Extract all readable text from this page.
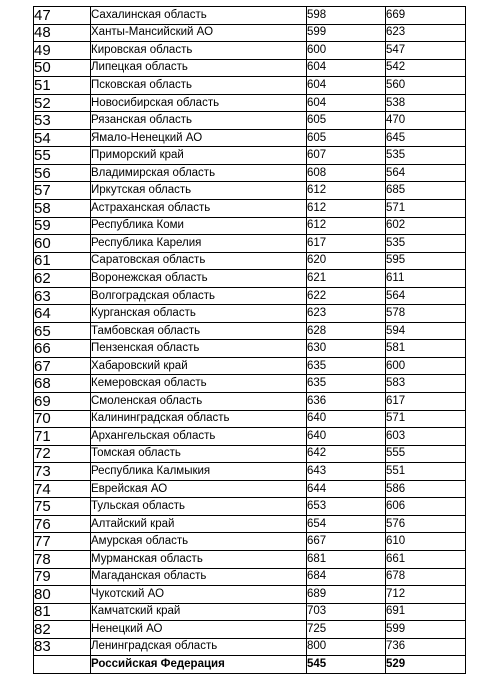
47	Сахалинская область	598	669
48	Ханты-Мансийский АО	599	623
49	Кировская область	600	547
50	Липецкая область	604	542
51	Псковская область	604	560
52	Новосибирская область	604	538
53	Рязанская область	605	470
54	Ямало-Ненецкий АО	605	645
55	Приморский край	607	535
56	Владимирская область	608	564
57	Иркутская область	612	685
58	Астраханская область	612	571
59	Республика Коми	612	602
60	Республика Карелия	617	535
61	Саратовская область	620	595
62	Воронежская область	621	611
63	Волгоградская область	622	564
64	Курганская область	623	578
65	Тамбовская область	628	594
66	Пензенская область	630	581
67	Хабаровский край	635	600
68	Кемеровская область	635	583
69	Смоленская область	636	617
70	Калининградская область	640	571
71	Архангельская область	640	603
72	Томская область	642	555
73	Республика Калмыкия	643	551
74	Еврейская АО	644	586
75	Тульская область	653	606
76	Алтайский край	654	576
77	Амурская область	667	610
78	Мурманская область	681	661
79	Магаданская область	684	678
80	Чукотский АО	689	712
81	Камчатский край	703	691
82	Ненецкий АО	725	599
83	Ленинградская область	800	736
	Российская Федерация	545	529
